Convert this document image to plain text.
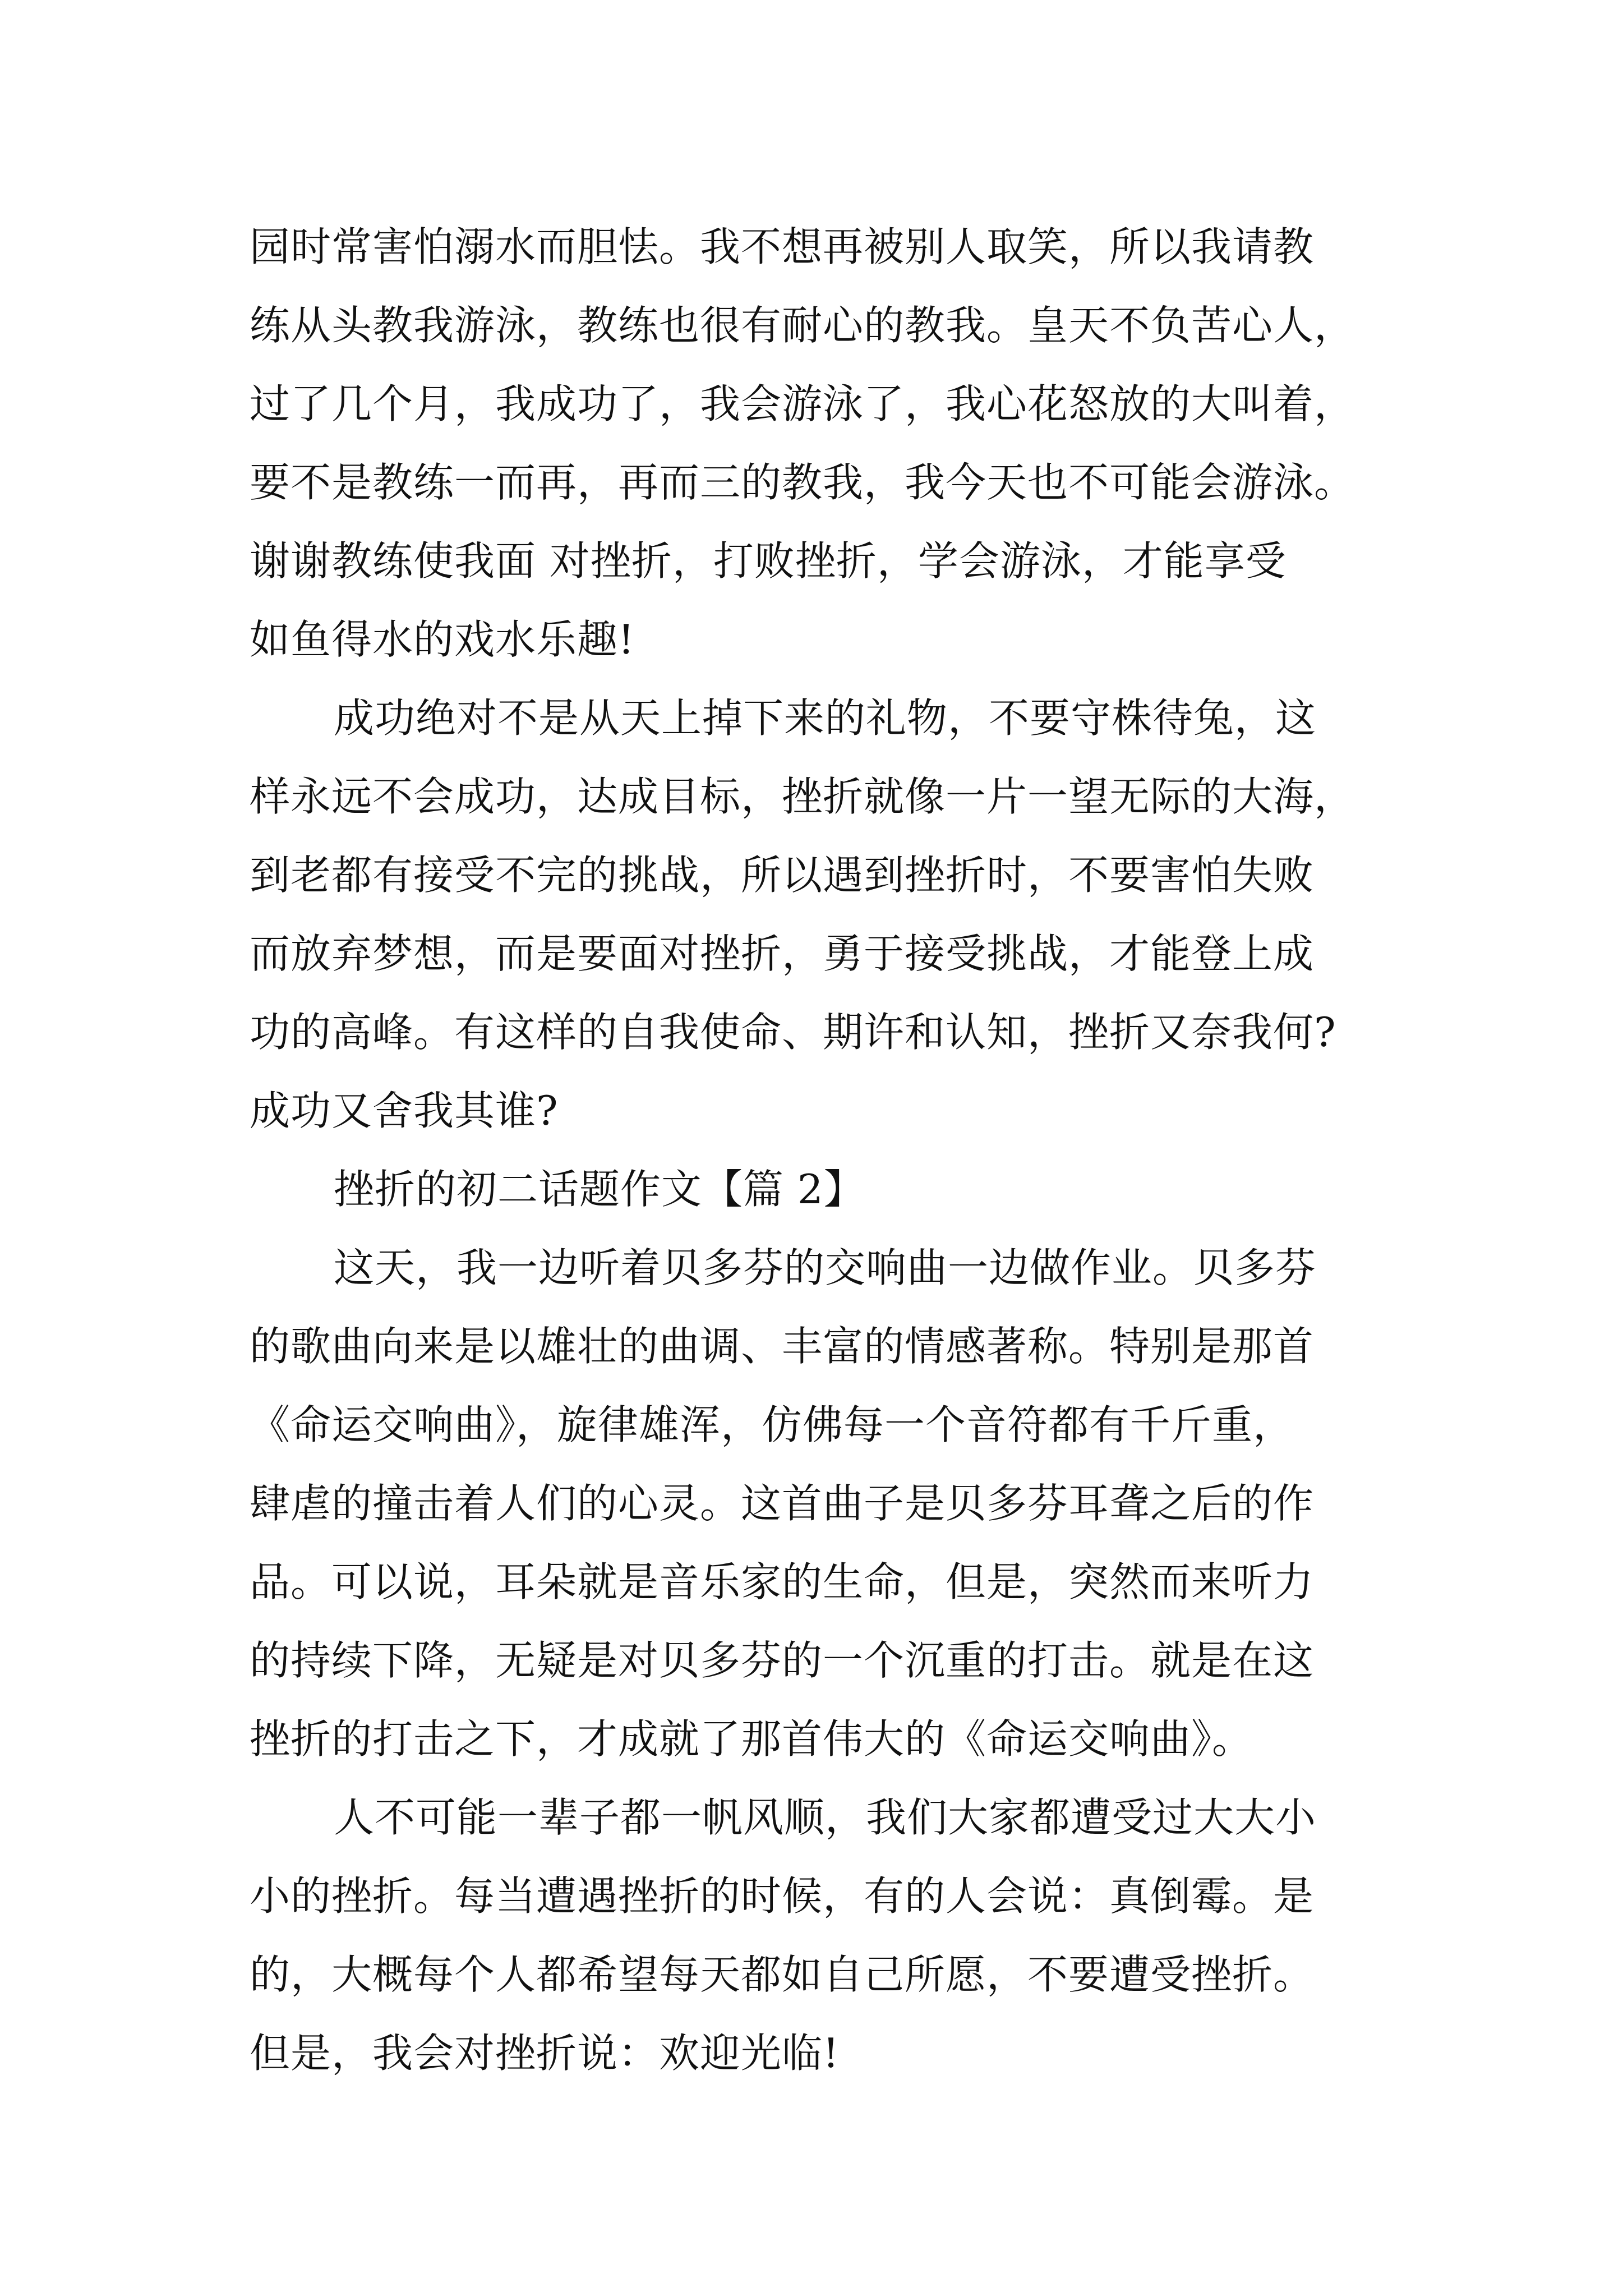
园时常害怕溺水而胆怯。我不想再被别人取笑，所以我请教
练从头教我游泳，教练也很有耐心的教我。皇天不负苦心人，
过了几个月，我成功了，我会游泳了，我心花怒放的大叫着，
要不是教练一而再，再而三的教我，我今天也不可能会游泳。
谢谢教练使我面 对挫折，打败挫折，学会游泳，才能享受
如鱼得水的戏水乐趣!
成功绝对不是从天上掉下来的礼物，不要守株待兔，这
样永远不会成功，达成目标，挫折就像一片一望无际的大海，
到老都有接受不完的挑战，所以遇到挫折时，不要害怕失败
而放弃梦想，而是要面对挫折，勇于接受挑战，才能登上成
功的高峰。有这样的自我使命、期许和认知，挫折又奈我何?
成功又舍我其谁?
挫折的初二话题作文【篇 2】
这天，我一边听着贝多芬的交响曲一边做作业。贝多芬
的歌曲向来是以雄壮的曲调、丰富的情感著称。特别是那首
《命运交响曲》，旋律雄浑，仿佛每一个音符都有千斤重，
肆虐的撞击着人们的心灵。这首曲子是贝多芬耳聋之后的作
品。可以说，耳朵就是音乐家的生命，但是，突然而来听力
的持续下降，无疑是对贝多芬的一个沉重的打击。就是在这
挫折的打击之下，才成就了那首伟大的《命运交响曲》。
人不可能一辈子都一帆风顺，我们大家都遭受过大大小
小的挫折。每当遭遇挫折的时候，有的人会说：真倒霉。是
的，大概每个人都希望每天都如自己所愿，不要遭受挫折。
但是，我会对挫折说：欢迎光临!
